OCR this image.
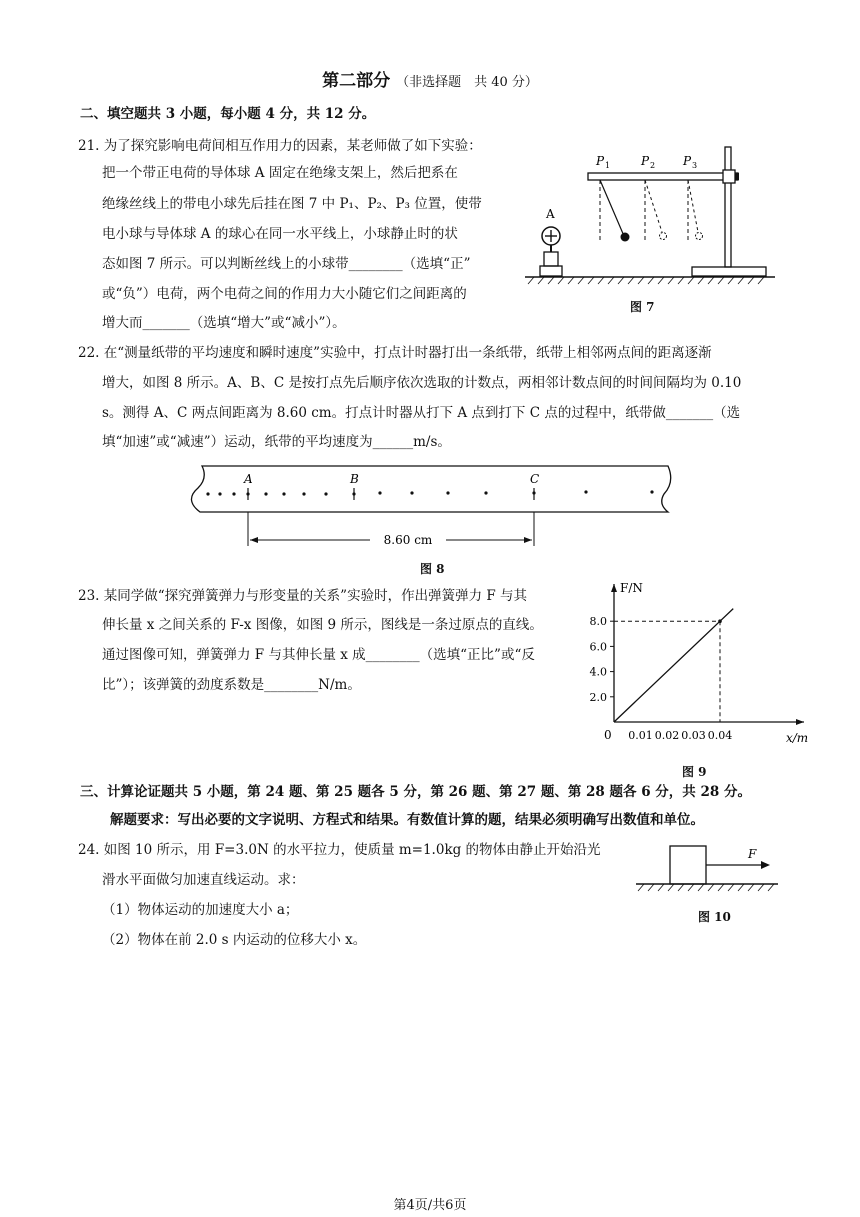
第二部分 （非选择题　共 40 分）
二、填空题共 3 小题，每小题 4 分，共 12 分。
21. 为了探究影响电荷间相互作用力的因素，某老师做了如下实验：
把一个带正电荷的导体球 A 固定在绝缘支架上，然后把系在
绝缘丝线上的带电小球先后挂在图 7 中 P₁、P₂、P₃ 位置，使带
电小球与导体球 A 的球心在同一水平线上，小球静止时的状
态如图 7 所示。可以判断丝线上的小球带________（选填“正”
或“负”）电荷，两个电荷之间的作用力大小随它们之间距离的
增大而_______（选填“增大”或“减小”）。
A
P 1	P 2 P 3
图 7
22. 在“测量纸带的平均速度和瞬时速度”实验中，打点计时器打出一条纸带，纸带上相邻两点间的距离逐渐
增大，如图 8 所示。A、B、C 是按打点先后顺序依次选取的计数点，两相邻计数点间的时间间隔均为 0.10
s。测得 A、C 两点间距离为 8.60 cm。打点计时器从打下 A 点到打下 C 点的过程中，纸带做_______（选
填“加速”或“减速”）运动，纸带的平均速度为______m/s。
A	B	C
8.60 cm
图 8
23. 某同学做“探究弹簧弹力与形变量的关系”实验时，作出弹簧弹力 F 与其
伸长量 x 之间关系的 F-x 图像，如图 9 所示，图线是一条过原点的直线。
通过图像可知，弹簧弹力 F 与其伸长量 x 成________（选填“正比”或“反
比”）；该弹簧的劲度系数是________N/m。
F/N
x/m
0 0.01 0.02 0.03 0.04
2.0
4.0
6.0
8.0
图 9
三、计算论证题共 5 小题，第 24 题、第 25 题各 5 分，第 26 题、第 27 题、第 28 题各 6 分，共 28 分。
解题要求：写出必要的文字说明、方程式和结果。有数值计算的题，结果必须明确写出数值和单位。
24. 如图 10 所示，用 F=3.0N 的水平拉力，使质量 m=1.0kg 的物体由静止开始沿光
滑水平面做匀加速直线运动。求：
（1）物体运动的加速度大小 a；
（2）物体在前 2.0 s 内运动的位移大小 x。
F
图 10
第4页/共6页
